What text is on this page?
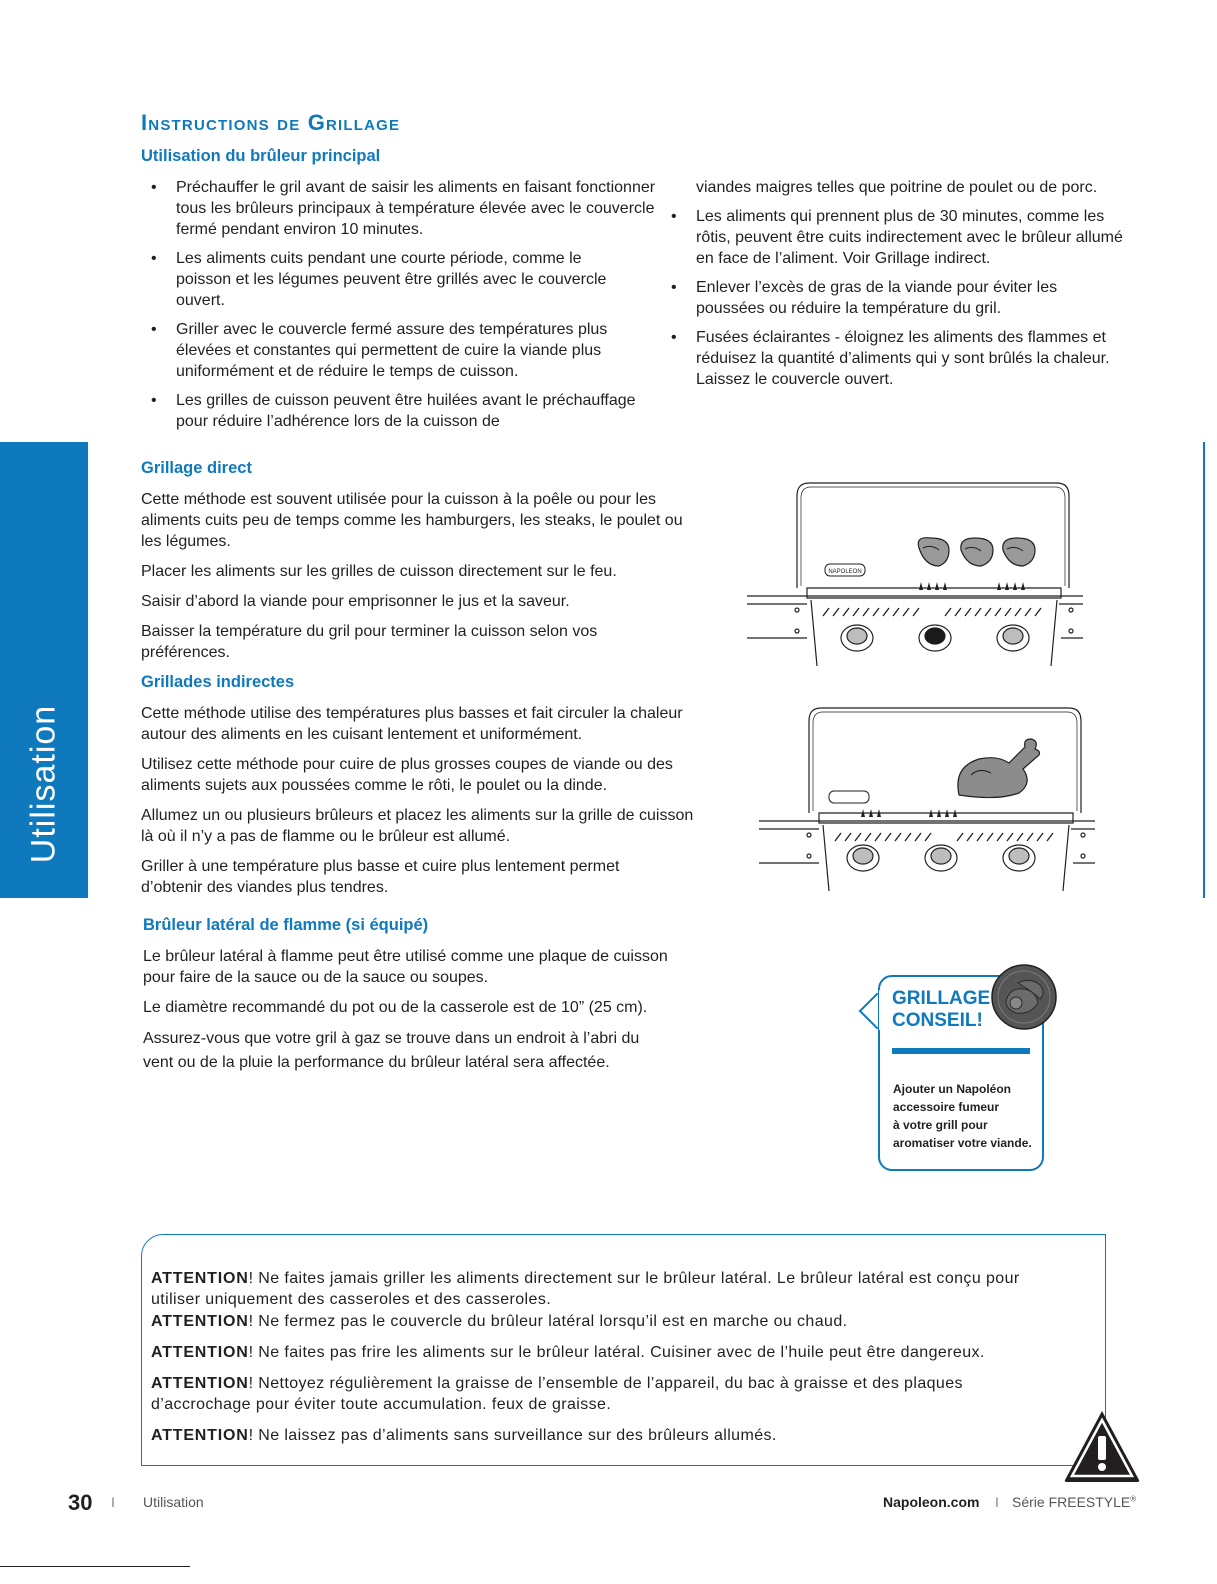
Instructions de Grillage
Utilisation du brûleur principal
• Préchauffer le gril avant de saisir les aliments en faisant fonctionner tous les brûleurs principaux à température élevée avec le couvercle fermé pendant environ 10 minutes.
• Les aliments cuits pendant une courte période, comme le poisson et les légumes peuvent être grillés avec le couvercle ouvert.
• Griller avec le couvercle fermé assure des températures plus élevées et constantes qui permettent de cuire la viande plus uniformément et de réduire le temps de cuisson.
• Les grilles de cuisson peuvent être huilées avant le préchauffage pour réduire l’adhérence lors de la cuisson de

viandes maigres telles que poitrine de poulet ou de porc.

• Les aliments qui prennent plus de 30 minutes, comme les rôtis, peuvent être cuits indirectement avec le brûleur allumé en face de l’aliment. Voir Grillage indirect.
• Enlever l’excès de gras de la viande pour éviter les poussées ou réduire la température du gril.
• Fusées éclairantes - éloignez les aliments des flammes et réduisez la quantité d’aliments qui y sont brûlés la chaleur. Laissez le couvercle ouvert.
Utilisation
Grillage direct

Cette méthode est souvent utilisée pour la cuisson à la poêle ou pour les aliments cuits peu de temps comme les hamburgers, les steaks, le poulet ou les légumes.

Placer les aliments sur les grilles de cuisson directement sur le feu.

Saisir d’abord la viande pour emprisonner le jus et la saveur.

Baisser la température du gril pour terminer la cuisson selon vos préférences.

Grillades indirectes

Cette méthode utilise des températures plus basses et fait circuler la chaleur autour des aliments en les cuisant lentement et uniformément.

Utilisez cette méthode pour cuire de plus grosses coupes de viande ou des aliments sujets aux poussées comme le rôti, le poulet ou la dinde.

Allumez un ou plusieurs brûleurs et placez les aliments sur la grille de cuisson là où il n’y a pas de flamme ou le brûleur est allumé.

Griller à une température plus basse et cuire plus lentement permet d’obtenir des viandes plus tendres.

Brûleur latéral de flamme (si équipé)

Le brûleur latéral à flamme peut être utilisé comme une plaque de cuisson pour faire de la sauce ou de la sauce ou soupes.

Le diamètre recommandé du pot ou de la casserole est de 10” (25 cm).

Assurez-vous que votre gril à gaz se trouve dans un endroit à l’abri du vent ou de la pluie la performance du brûleur latéral sera affectée.

NAPOLEON
GRILLAGE
CONSEIL!
Ajouter un Napoléon
accessoire fumeur
à votre grill pour
aromatiser votre viande.

ATTENTION! Ne faites jamais griller les aliments directement sur le brûleur latéral. Le brûleur latéral est conçu pour utiliser uniquement des casseroles et des casseroles.

ATTENTION! Ne fermez pas le couvercle du brûleur latéral lorsqu’il est en marche ou chaud.

ATTENTION! Ne faites pas frire les aliments sur le brûleur latéral. Cuisiner avec de l’huile peut être dangereux.

ATTENTION! Nettoyez régulièrement la graisse de l’ensemble de l’appareil, du bac à graisse et des plaques d’accrochage pour éviter toute accumulation. feux de graisse.

ATTENTION! Ne laissez pas d’aliments sans surveillance sur des brûleurs allumés.

30 I Utilisation	Napoleon.com I Série FREESTYLE®
